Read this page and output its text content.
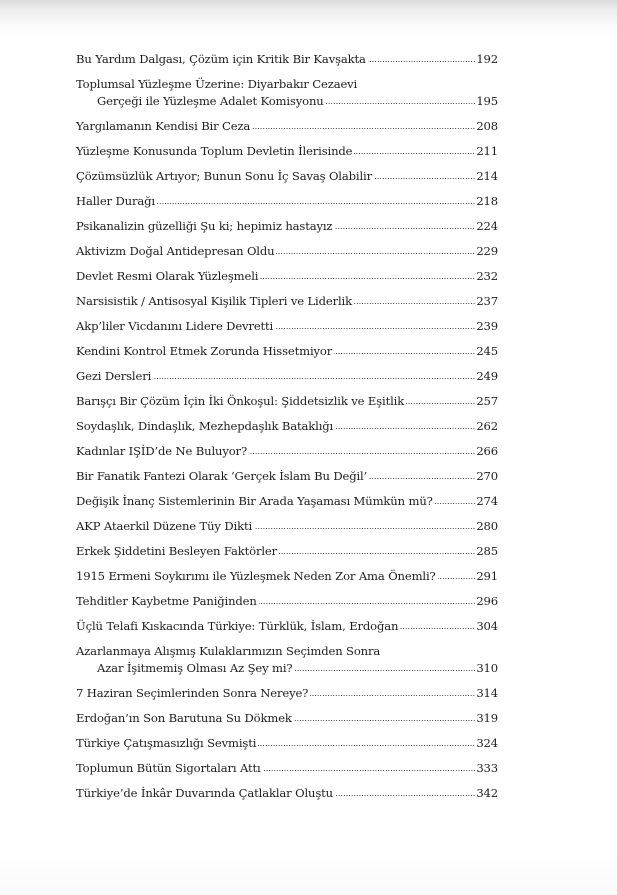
Bu Yardım Dalgası, Çözüm için Kritik Bir Kavşakta	192
Toplumsal Yüzleşme Üzerine: Diyarbakır Cezaevi
Gerçeği ile Yüzleşme Adalet Komisyonu	195
Yargılamanın Kendisi Bir Ceza	208
Yüzleşme Konusunda Toplum Devletin İlerisinde	211
Çözümsüzlük Artıyor; Bunun Sonu İç Savaş Olabilir	214
Haller Durağı	218
Psikanalizin güzelliği Şu ki; hepimiz hastayız	224
Aktivizm Doğal Antidepresan Oldu	229
Devlet Resmi Olarak Yüzleşmeli	232
Narsisistik / Antisosyal Kişilik Tipleri ve Liderlik	237
Akp’liler Vicdanını Lidere Devretti	239
Kendini Kontrol Etmek Zorunda Hissetmiyor	245
Gezi Dersleri	249
Barışçı Bir Çözüm İçin İki Önkoşul: Şiddetsizlik ve Eşitlik	257
Soydaşlık, Dindaşlık, Mezhepdaşlık Bataklığı	262
Kadınlar IŞİD’de Ne Buluyor?	266
Bir Fanatik Fantezi Olarak ‘Gerçek İslam Bu Değil’	270
Değişik İnanç Sistemlerinin Bir Arada Yaşaması Mümkün mü?	274
AKP Ataerkil Düzene Tüy Dikti	280
Erkek Şiddetini Besleyen Faktörler	285
1915 Ermeni Soykırımı ile Yüzleşmek Neden Zor Ama Önemli?	291
Tehditler Kaybetme Paniğinden	296
Üçlü Telafi Kıskacında Türkiye: Türklük, İslam, Erdoğan	304
Azarlanmaya Alışmış Kulaklarımızın Seçimden Sonra
Azar İşitmemiş Olması Az Şey mi?	310
7 Haziran Seçimlerinden Sonra Nereye?	314
Erdoğan’ın Son Barutuna Su Dökmek	319
Türkiye Çatışmasızlığı Sevmişti	324
Toplumun Bütün Sigortaları Attı	333
Türkiye’de İnkâr Duvarında Çatlaklar Oluştu	342
